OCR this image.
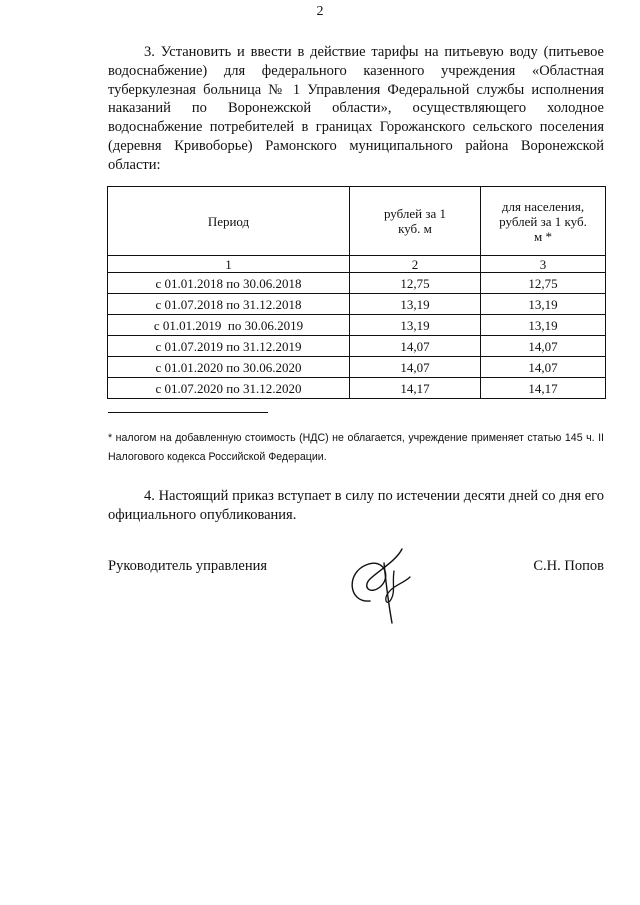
2

3. Установить и ввести в действие тарифы на питьевую воду (питьевое водоснабжение) для федерального казенного учреждения «Областная туберкулезная больница № 1 Управления Федеральной службы исполнения наказаний по Воронежской области», осуществляющего холодное водоснабжение потребителей в границах Горожанского сельского поселения (деревня Кривоборье) Рамонского муниципального района Воронежской области:

Период	рублей за 1 куб. м	для населения, рублей за 1 куб. м *

1	2	3
с 01.01.2018 по 30.06.2018	12,75	12,75
с 01.07.2018 по 31.12.2018	13,19	13,19
с 01.01.2019  по 30.06.2019	13,19	13,19
с 01.07.2019 по 31.12.2019	14,07	14,07
с 01.01.2020 по 30.06.2020	14,07	14,07
с 01.07.2020 по 31.12.2020	14,17	14,17

* налогом на добавленную стоимость (НДС) не облагается, учреждение применяет статью 145 ч. II Налогового кодекса Российской Федерации.

4. Настоящий приказ вступает в силу по истечении десяти дней со дня его официального опубликования.

Руководитель управления	С.Н. Попов
